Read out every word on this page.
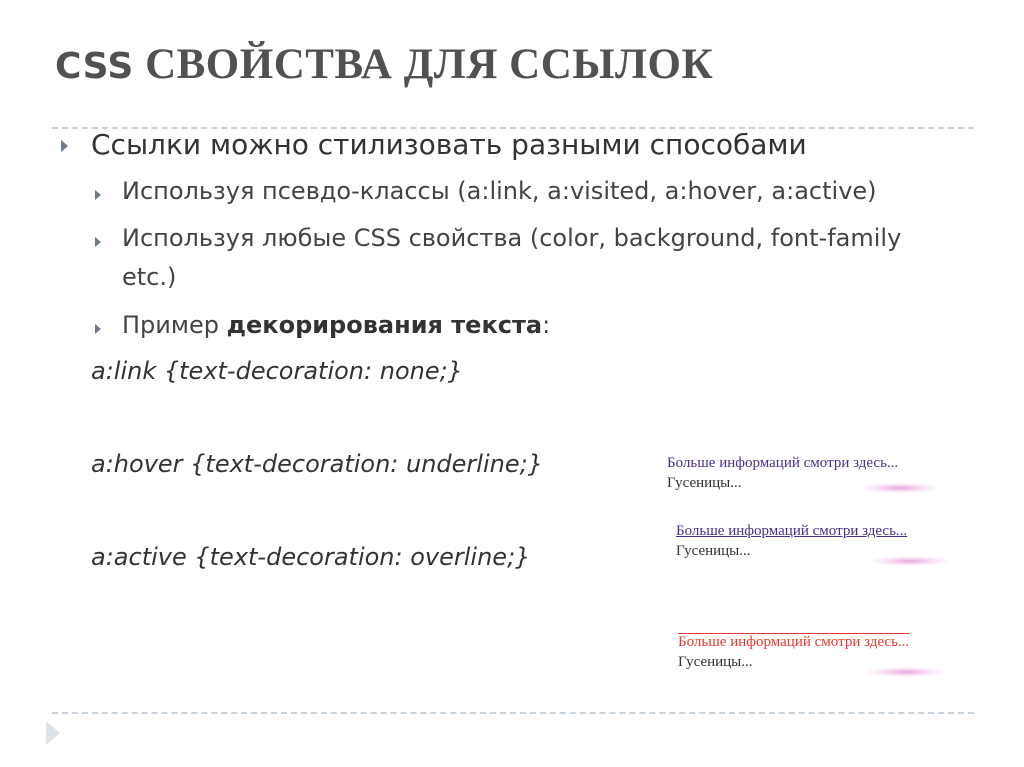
CSS СВОЙСТВА ДЛЯ ССЫЛОК

Ссылки можно стилизовать разными способами

Используя псевдо-классы (a:link, a:visited, a:hover, a:active)

Используя любые CSS свойства (color, background, font-family

etc.)

Пример декорирования текста:

a:link {text-decoration: none;}

a:hover {text-decoration: underline;}

a:active {text-decoration: overline;}

Больше информаций смотри здесь...
Гусеницы...
Больше информаций смотри здесь...
Гусеницы...
Больше информаций смотри здесь...
Гусеницы...
